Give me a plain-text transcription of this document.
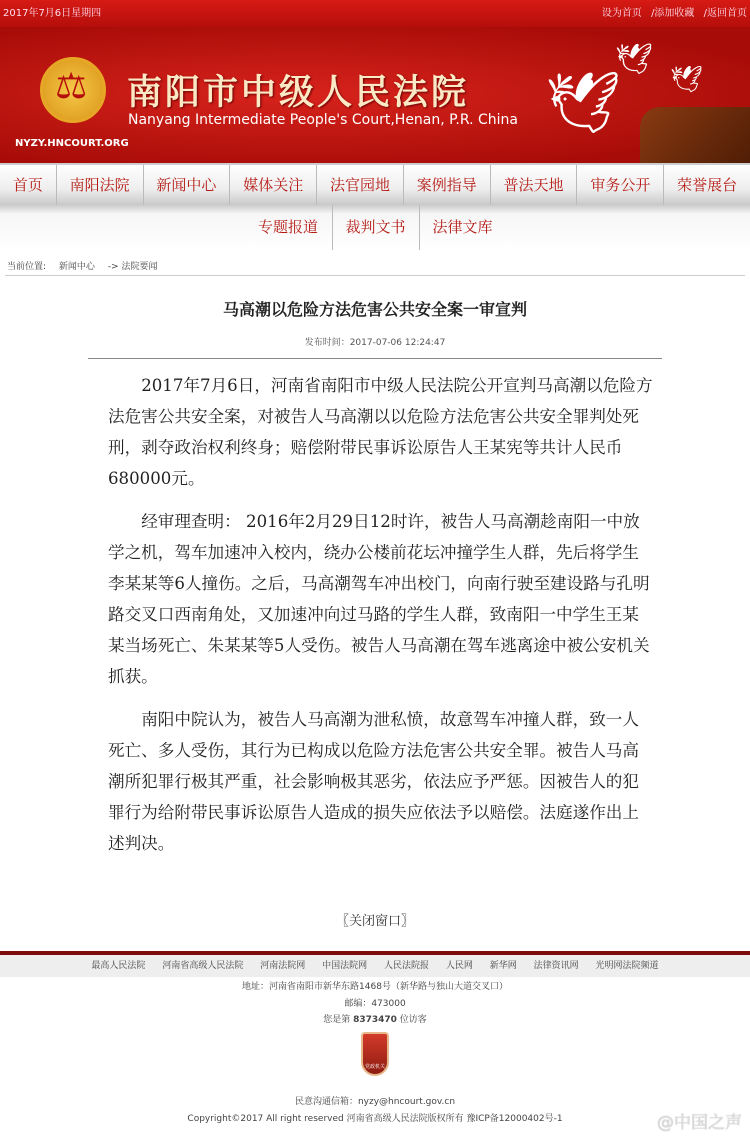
2017年7月6日星期四	设为首页 /添加收藏 /返回首页
⚖
南阳市中级人民法院
Nanyang Intermediate People's Court,Henan, P.R. China
NYZY.HNCOURT.ORG
🕊
🕊
🕊
首页	南阳法院	新闻中心	媒体关注	法官园地	案例指导	普法天地	审务公开	荣誉展台
专题报道	裁判文书	法律文库
当前位置: 新闻中心 -> 法院要闻
马高潮以危险方法危害公共安全案一审宣判
发布时间：2017-07-06 12:24:47

2017年7月6日，河南省南阳市中级人民法院公开宣判马高潮以危险方法危害公共安全案，对被告人马高潮以以危险方法危害公共安全罪判处死刑，剥夺政治权利终身；赔偿附带民事诉讼原告人王某宪等共计人民币680000元。

经审理查明： 2016年2月29日12时许，被告人马高潮趁南阳一中放学之机，驾车加速冲入校内，绕办公楼前花坛冲撞学生人群，先后将学生李某某等6人撞伤。之后，马高潮驾车冲出校门，向南行驶至建设路与孔明路交叉口西南角处，又加速冲向过马路的学生人群，致南阳一中学生王某某当场死亡、朱某某等5人受伤。被告人马高潮在驾车逃离途中被公安机关抓获。

南阳中院认为，被告人马高潮为泄私愤，故意驾车冲撞人群，致一人死亡、多人受伤，其行为已构成以危险方法危害公共安全罪。被告人马高潮所犯罪行极其严重，社会影响极其恶劣，依法应予严惩。因被告人的犯罪行为给附带民事诉讼原告人造成的损失应依法予以赔偿。法庭遂作出上述判决。

〖关闭窗口〗
最高人民法院 河南省高级人民法院 河南法院网 中国法院网 人民法院报 人民网 新华网 法律资讯网 光明网法院频道
地址：河南省南阳市新华东路1468号（新华路与独山大道交叉口）
邮编：473000
您是第 8373470 位访客
党政机关
民意沟通信箱：nyzy@hncourt.gov.cn
Copyright©2017 All right reserved 河南省高级人民法院版权所有 豫ICP备12000402号-1	@中国之声
